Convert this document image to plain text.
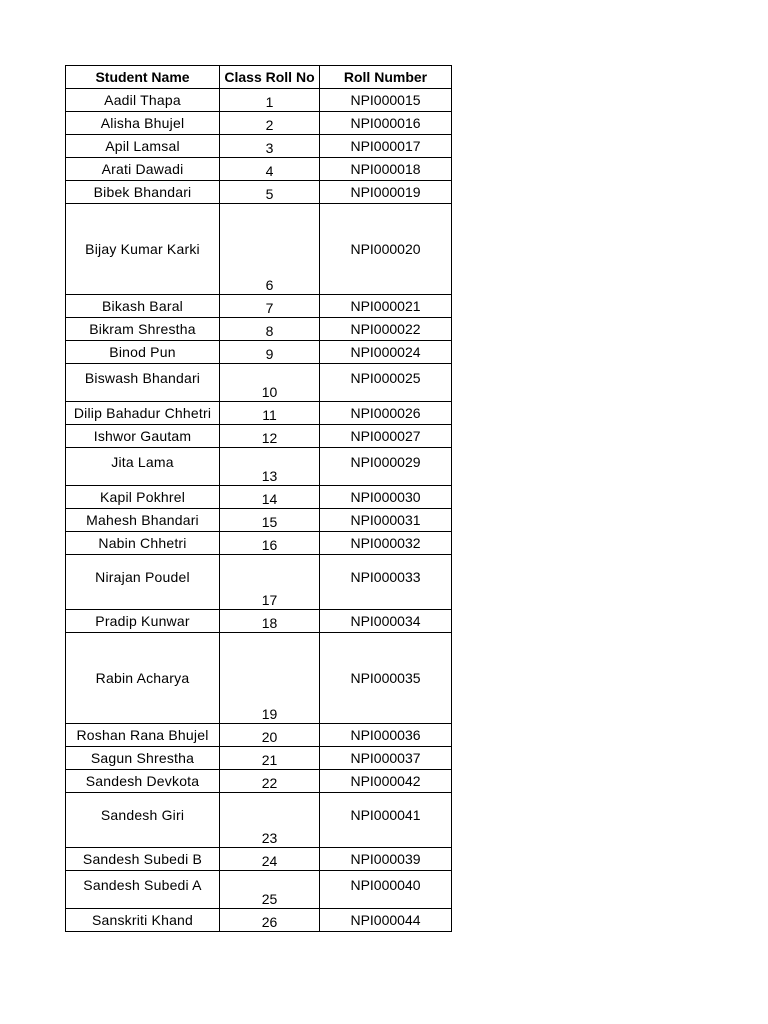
Student Name	Class Roll No	Roll Number
Aadil Thapa	1	NPI000015
Alisha Bhujel	2	NPI000016
Apil Lamsal	3	NPI000017
Arati Dawadi	4	NPI000018
Bibek Bhandari	5	NPI000019
Bijay Kumar Karki	6	NPI000020
Bikash Baral	7	NPI000021
Bikram Shrestha	8	NPI000022
Binod Pun	9	NPI000024
Biswash Bhandari	10	NPI000025
Dilip Bahadur Chhetri	11	NPI000026
Ishwor Gautam	12	NPI000027
Jita Lama	13	NPI000029
Kapil Pokhrel	14	NPI000030
Mahesh Bhandari	15	NPI000031
Nabin Chhetri	16	NPI000032
Nirajan Poudel	17	NPI000033
Pradip Kunwar	18	NPI000034
Rabin Acharya	19	NPI000035
Roshan Rana Bhujel	20	NPI000036
Sagun Shrestha	21	NPI000037
Sandesh Devkota	22	NPI000042
Sandesh Giri	23	NPI000041
Sandesh Subedi B	24	NPI000039
Sandesh Subedi A	25	NPI000040
Sanskriti Khand	26	NPI000044
